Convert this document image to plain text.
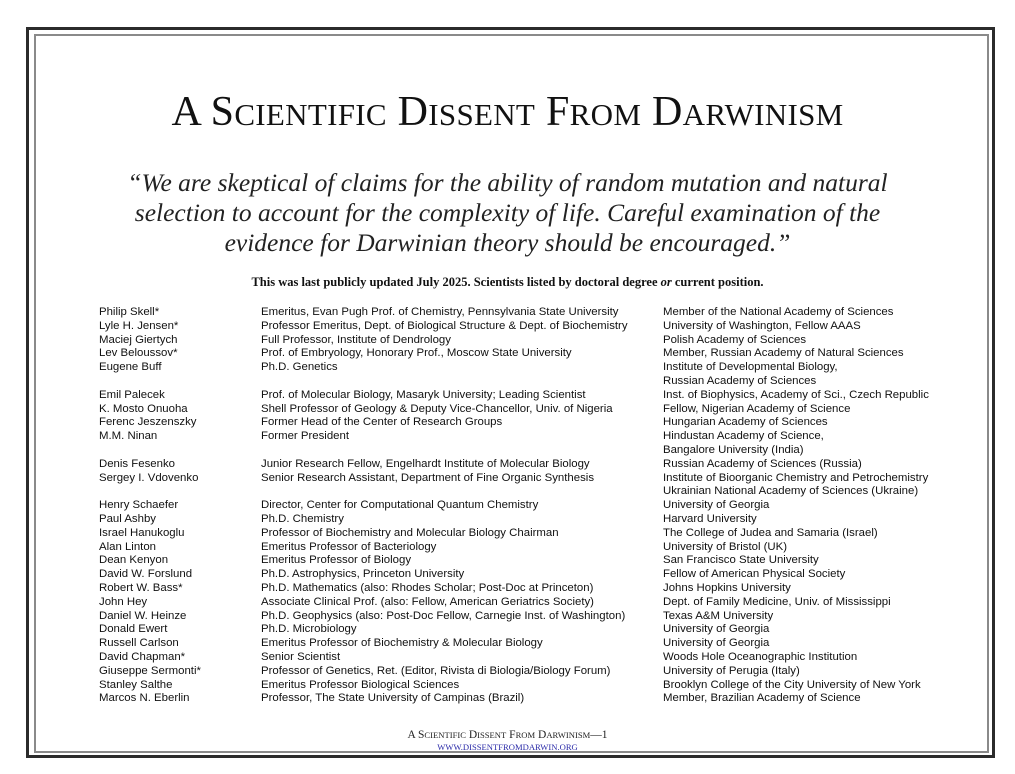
A SCIENTIFIC DISSENT FROM DARWINISM
“We are skeptical of claims for the ability of random mutation and natural
selection to account for the complexity of life. Careful examination of the
evidence for Darwinian theory should be encouraged.”
This was last publicly updated July 2025. Scientists listed by doctoral degree or current position.
Philip Skell*	Emeritus, Evan Pugh Prof. of Chemistry, Pennsylvania State University	Member of the National Academy of Sciences
Lyle H. Jensen*	Professor Emeritus, Dept. of Biological Structure & Dept. of Biochemistry	University of Washington, Fellow AAAS
Maciej Giertych	Full Professor, Institute of Dendrology	Polish Academy of Sciences
Lev Beloussov*	Prof. of Embryology, Honorary Prof., Moscow State University	Member, Russian Academy of Natural Sciences
Eugene Buff	Ph.D. Genetics	Institute of Developmental Biology,
Russian Academy of Sciences
Emil Palecek	Prof. of Molecular Biology, Masaryk University; Leading Scientist	Inst. of Biophysics, Academy of Sci., Czech Republic
K. Mosto Onuoha	Shell Professor of Geology & Deputy Vice-Chancellor, Univ. of Nigeria	Fellow, Nigerian Academy of Science
Ferenc Jeszenszky	Former Head of the Center of Research Groups	Hungarian Academy of Sciences
M.M. Ninan	Former President	Hindustan Academy of Science,
Bangalore University (India)
Denis Fesenko	Junior Research Fellow, Engelhardt Institute of Molecular Biology	Russian Academy of Sciences (Russia)
Sergey I. Vdovenko	Senior Research Assistant, Department of Fine Organic Synthesis	Institute of Bioorganic Chemistry and Petrochemistry
Ukrainian National Academy of Sciences (Ukraine)
Henry Schaefer	Director, Center for Computational Quantum Chemistry	University of Georgia
Paul Ashby	Ph.D. Chemistry	Harvard University
Israel Hanukoglu	Professor of Biochemistry and Molecular Biology Chairman	The College of Judea and Samaria (Israel)
Alan Linton	Emeritus Professor of Bacteriology	University of Bristol (UK)
Dean Kenyon	Emeritus Professor of Biology	San Francisco State University
David W. Forslund	Ph.D. Astrophysics, Princeton University	Fellow of American Physical Society
Robert W. Bass*	Ph.D. Mathematics (also: Rhodes Scholar; Post-Doc at Princeton)	Johns Hopkins University
John Hey	Associate Clinical Prof. (also: Fellow, American Geriatrics Society)	Dept. of Family Medicine, Univ. of Mississippi
Daniel W. Heinze	Ph.D. Geophysics (also: Post-Doc Fellow, Carnegie Inst. of Washington)	Texas A&M University
Donald Ewert	Ph.D. Microbiology	University of Georgia
Russell Carlson	Emeritus Professor of Biochemistry & Molecular Biology	University of Georgia
David Chapman*	Senior Scientist	Woods Hole Oceanographic Institution
Giuseppe Sermonti*	Professor of Genetics, Ret. (Editor, Rivista di Biologia/Biology Forum)	University of Perugia (Italy)
Stanley Salthe	Emeritus Professor Biological Sciences	Brooklyn College of the City University of New York
Marcos N. Eberlin	Professor, The State University of Campinas (Brazil)	Member, Brazilian Academy of Science
A SCIENTIFIC DISSENT FROM DARWINISM—1
WWW.DISSENTFROMDARWIN.ORG
